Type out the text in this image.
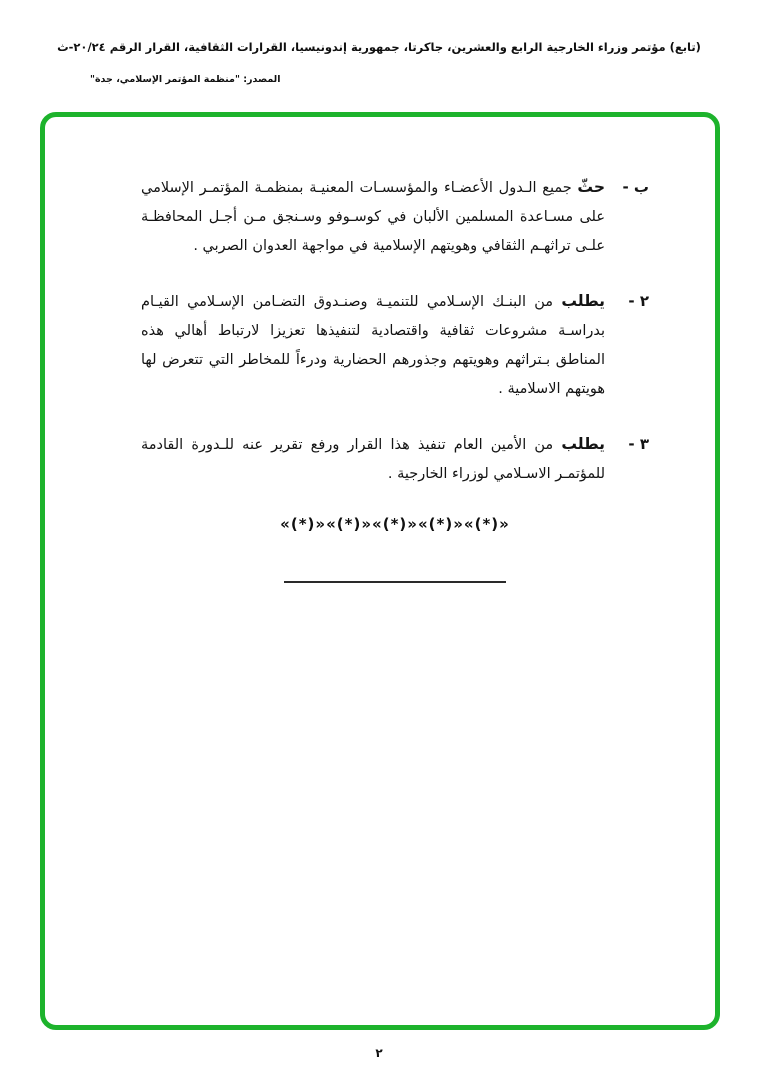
(تابع) مؤتمر وزراء الخارجية الرابع والعشرين، جاكرتا، جمهورية إندونيسيا، القرارات الثقافية، القرار الرقم ٢٠/٢٤-ث
المصدر: "منظمة المؤتمر الإسلامي، جدة"
ب -
حثّ جميع الـدول الأعضـاء والمؤسسـات المعنيـة بمنظمـة المؤتمـر الإسلامي على مسـاعدة المسلمين الألبان في كوسـوفو وسـنجق مـن أجـل المحافظـة علـى تراثهـم الثقافي وهويتهم الإسلامية في مواجهة العدوان الصربي .
٢ -
يطلب من البنـك الإسـلامي للتنميـة وصنـدوق التضـامن الإسـلامي القيـام بدراسـة مشروعات ثقافية واقتصادية لتنفيذها تعزيزا لارتباط أهالي هذه المناطق بـتراثهم وهويتهم وجذورهم الحضارية ودرءاً للمخاطر التي تتعرض لها هويتهم الاسلامية .
٣ -
يطلب من الأمين العام تنفيذ هذا القرار ورفع تقرير عنه للـدورة القادمة للمؤتمـر الاسـلامي لوزراء الخارجية .
«(*)»«(*)»«(*)»«(*)»«(*)»
٢
